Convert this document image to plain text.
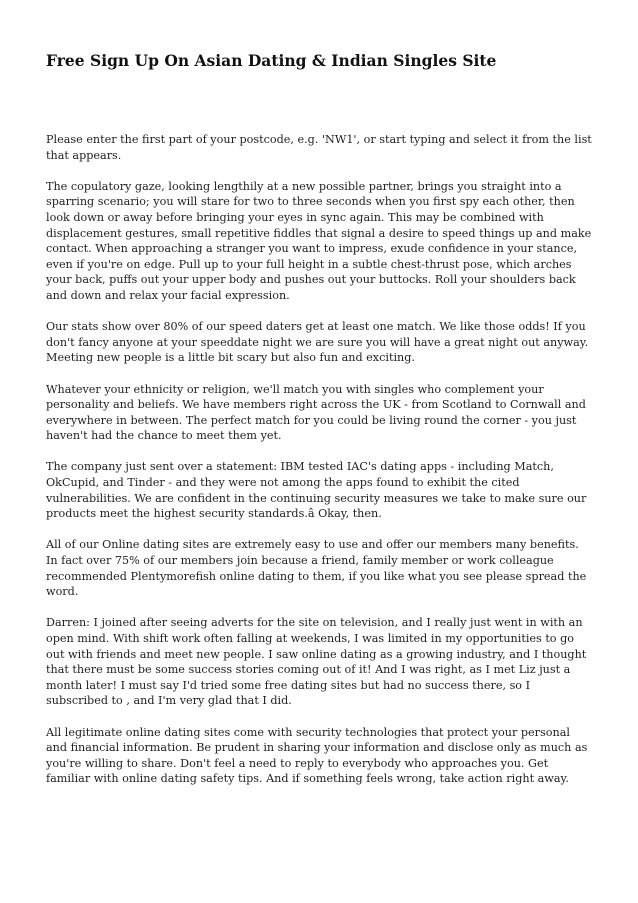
Free Sign Up On Asian Dating & Indian Singles Site

Please enter the first part of your postcode, e.g. 'NW1', or start typing and select it from the list that appears.

The copulatory gaze, looking lengthily at a new possible partner, brings you straight into a sparring scenario; you will stare for two to three seconds when you first spy each other, then look down or away before bringing your eyes in sync again. This may be combined with displacement gestures, small repetitive fiddles that signal a desire to speed things up and make contact. When approaching a stranger you want to impress, exude confidence in your stance, even if you're on edge. Pull up to your full height in a subtle chest-thrust pose, which arches your back, puffs out your upper body and pushes out your buttocks. Roll your shoulders back and down and relax your facial expression.

Our stats show over 80% of our speed daters get at least one match. We like those odds! If you don't fancy anyone at your speeddate night we are sure you will have a great night out anyway. Meeting new people is a little bit scary but also fun and exciting.

Whatever your ethnicity or religion, we'll match you with singles who complement your personality and beliefs. We have members right across the UK - from Scotland to Cornwall and everywhere in between. The perfect match for you could be living round the corner - you just haven't had the chance to meet them yet.

The company just sent over a statement: IBM tested IAC's dating apps - including Match, OkCupid, and Tinder - and they were not among the apps found to exhibit the cited vulnerabilities. We are confident in the continuing security measures we take to make sure our products meet the highest security standards.â Okay, then.

All of our Online dating sites are extremely easy to use and offer our members many benefits. In fact over 75% of our members join because a friend, family member or work colleague recommended Plentymorefish online dating to them, if you like what you see please spread the word.

Darren: I joined after seeing adverts for the site on television, and I really just went in with an open mind. With shift work often falling at weekends, I was limited in my opportunities to go out with friends and meet new people. I saw online dating as a growing industry, and I thought that there must be some success stories coming out of it! And I was right, as I met Liz just a month later! I must say I'd tried some free dating sites but had no success there, so I subscribed to , and I'm very glad that I did.

All legitimate online dating sites come with security technologies that protect your personal and financial information. Be prudent in sharing your information and disclose only as much as you're willing to share. Don't feel a need to reply to everybody who approaches you. Get familiar with online dating safety tips. And if something feels wrong, take action right away.
